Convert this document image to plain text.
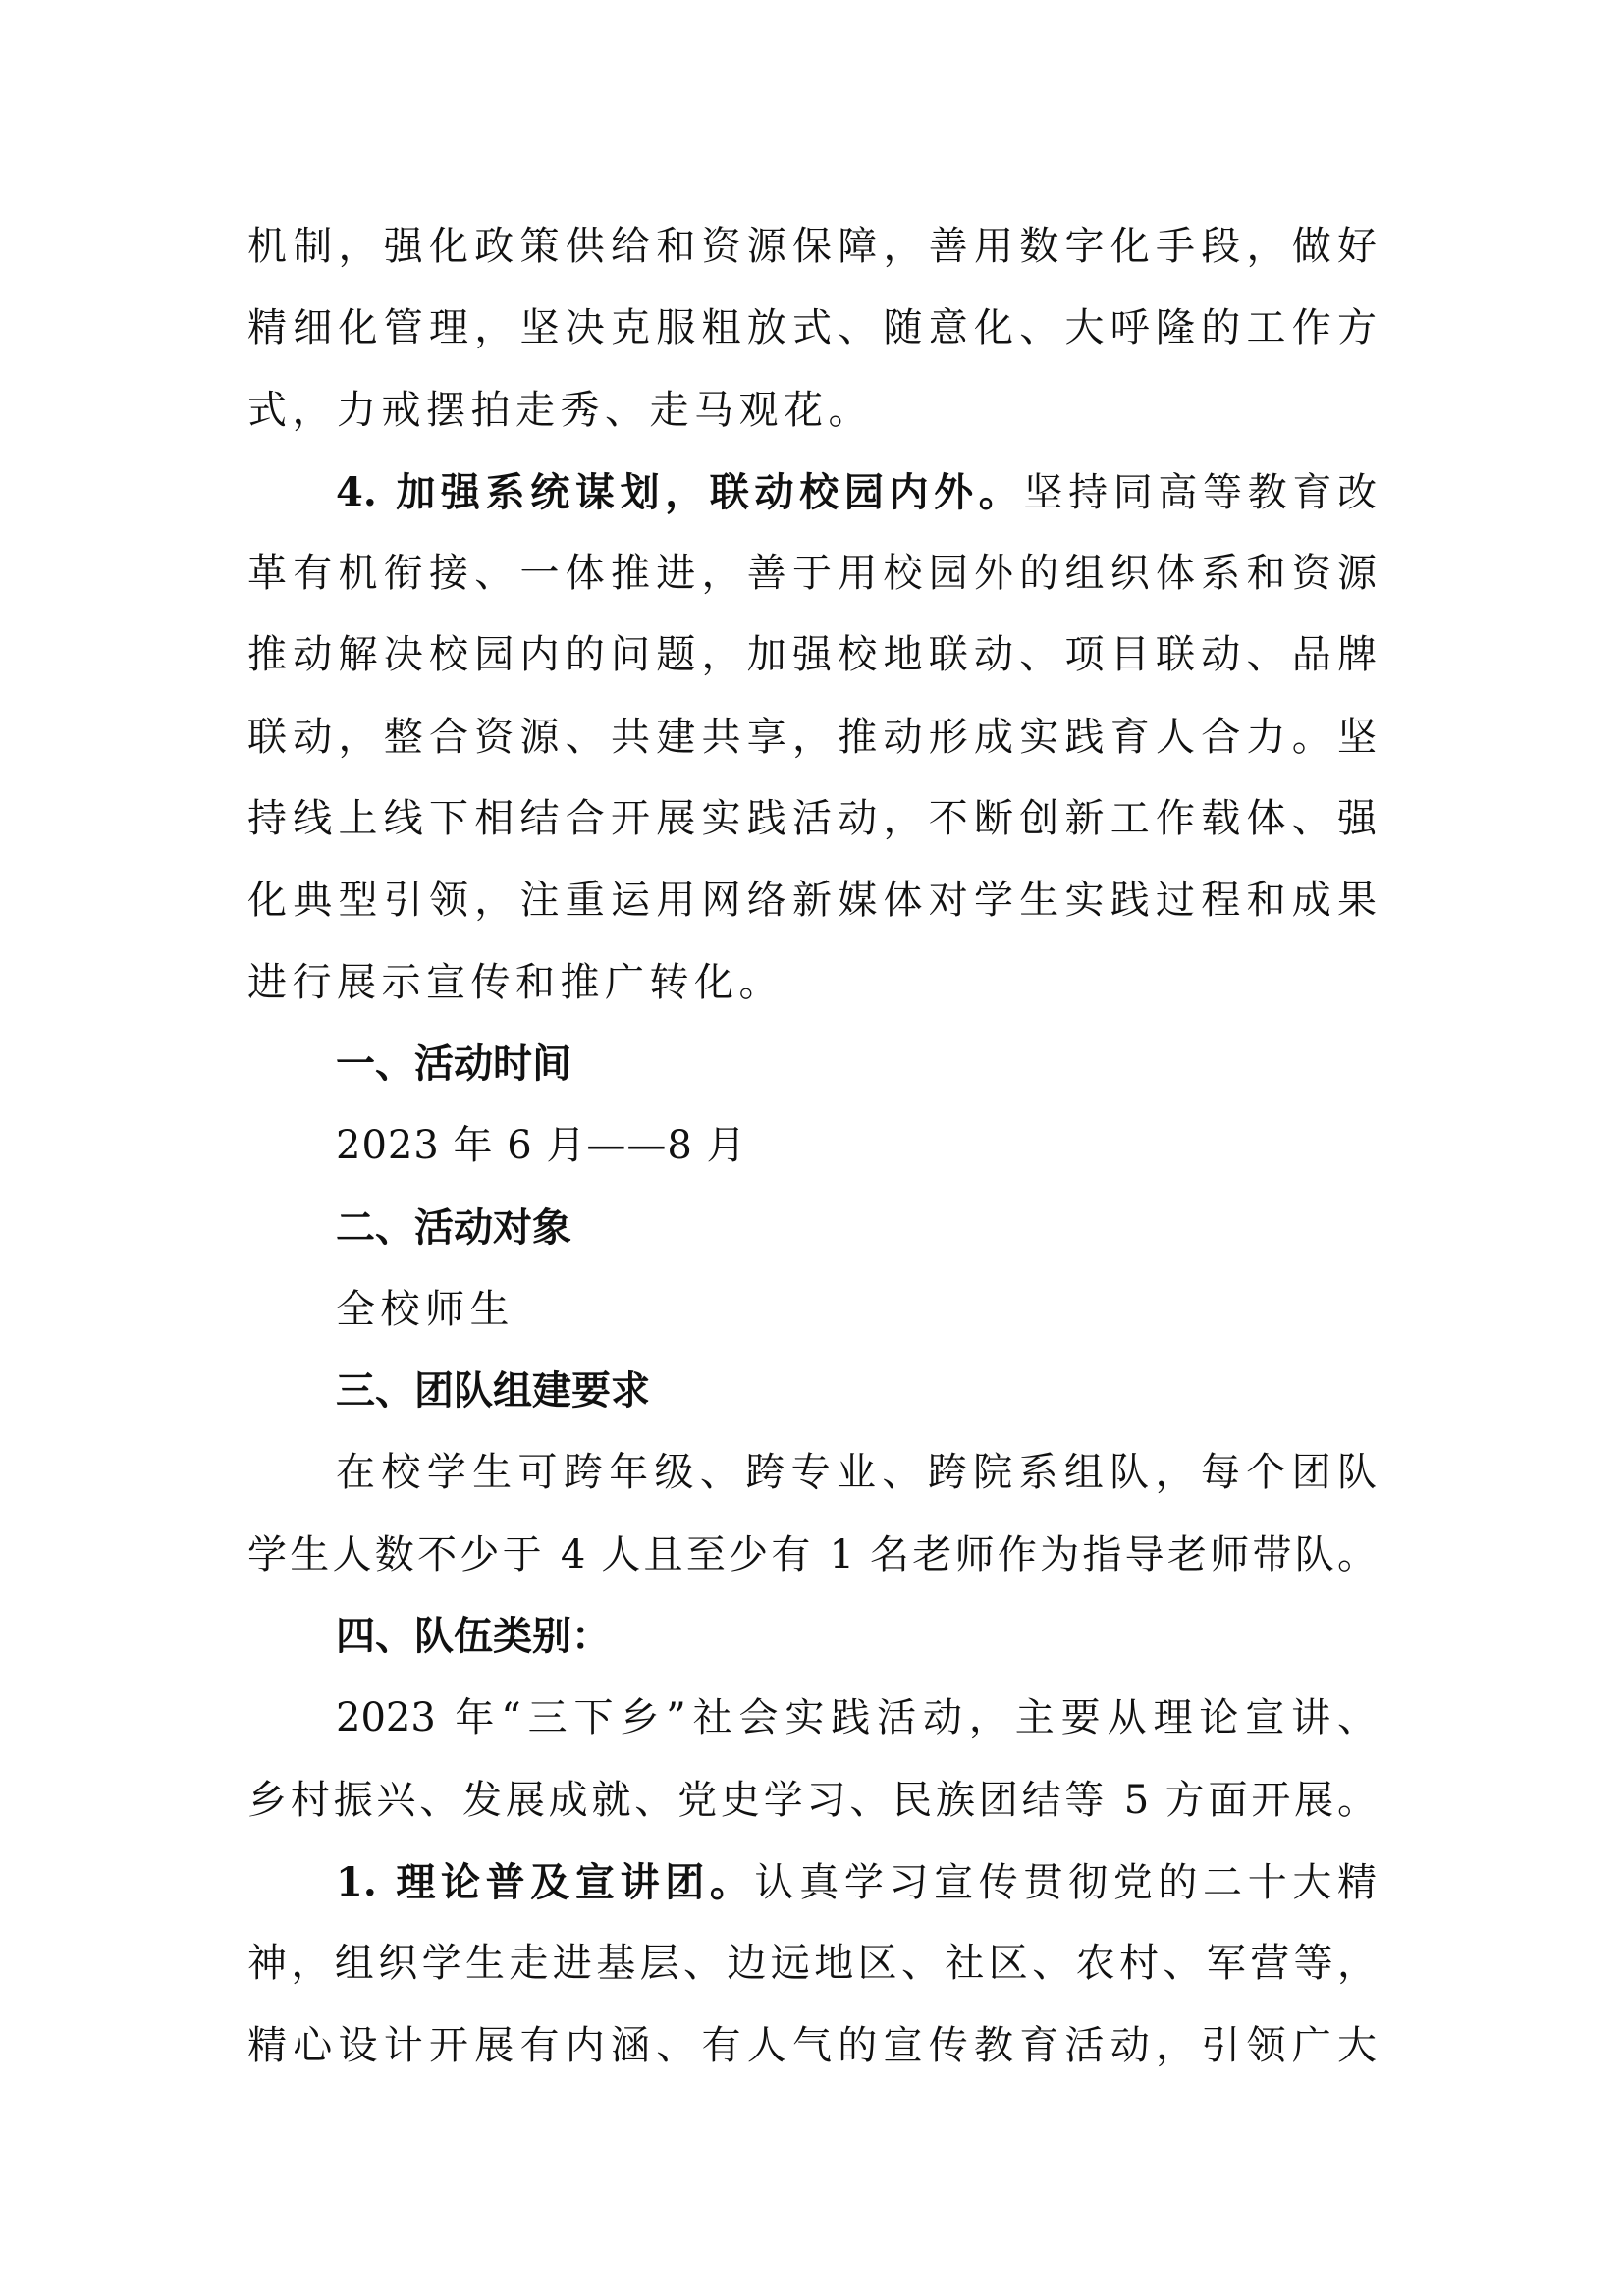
机制，强化政策供给和资源保障，善用数字化手段，做好
精细化管理，坚决克服粗放式、随意化、大呼隆的工作方
式，力戒摆拍走秀、走马观花。
4. 加强系统谋划，联动校园内外。坚持同高等教育改
革有机衔接、一体推进，善于用校园外的组织体系和资源
推动解决校园内的问题，加强校地联动、项目联动、品牌
联动，整合资源、共建共享，推动形成实践育人合力。坚
持线上线下相结合开展实践活动，不断创新工作载体、强
化典型引领，注重运用网络新媒体对学生实践过程和成果
进行展示宣传和推广转化。
一、活动时间
2023 年 6 月——8 月
二、活动对象
全校师生
三、团队组建要求
在校学生可跨年级、跨专业、跨院系组队，每个团队
学生人数不少于 4 人且至少有 1 名老师作为指导老师带队。
四、队伍类别：
2023 年“三下乡”社会实践活动，主要从理论宣讲、
乡村振兴、发展成就、党史学习、民族团结等 5 方面开展。
1. 理论普及宣讲团。认真学习宣传贯彻党的二十大精
神，组织学生走进基层、边远地区、社区、农村、军营等，
精心设计开展有内涵、有人气的宣传教育活动，引领广大
